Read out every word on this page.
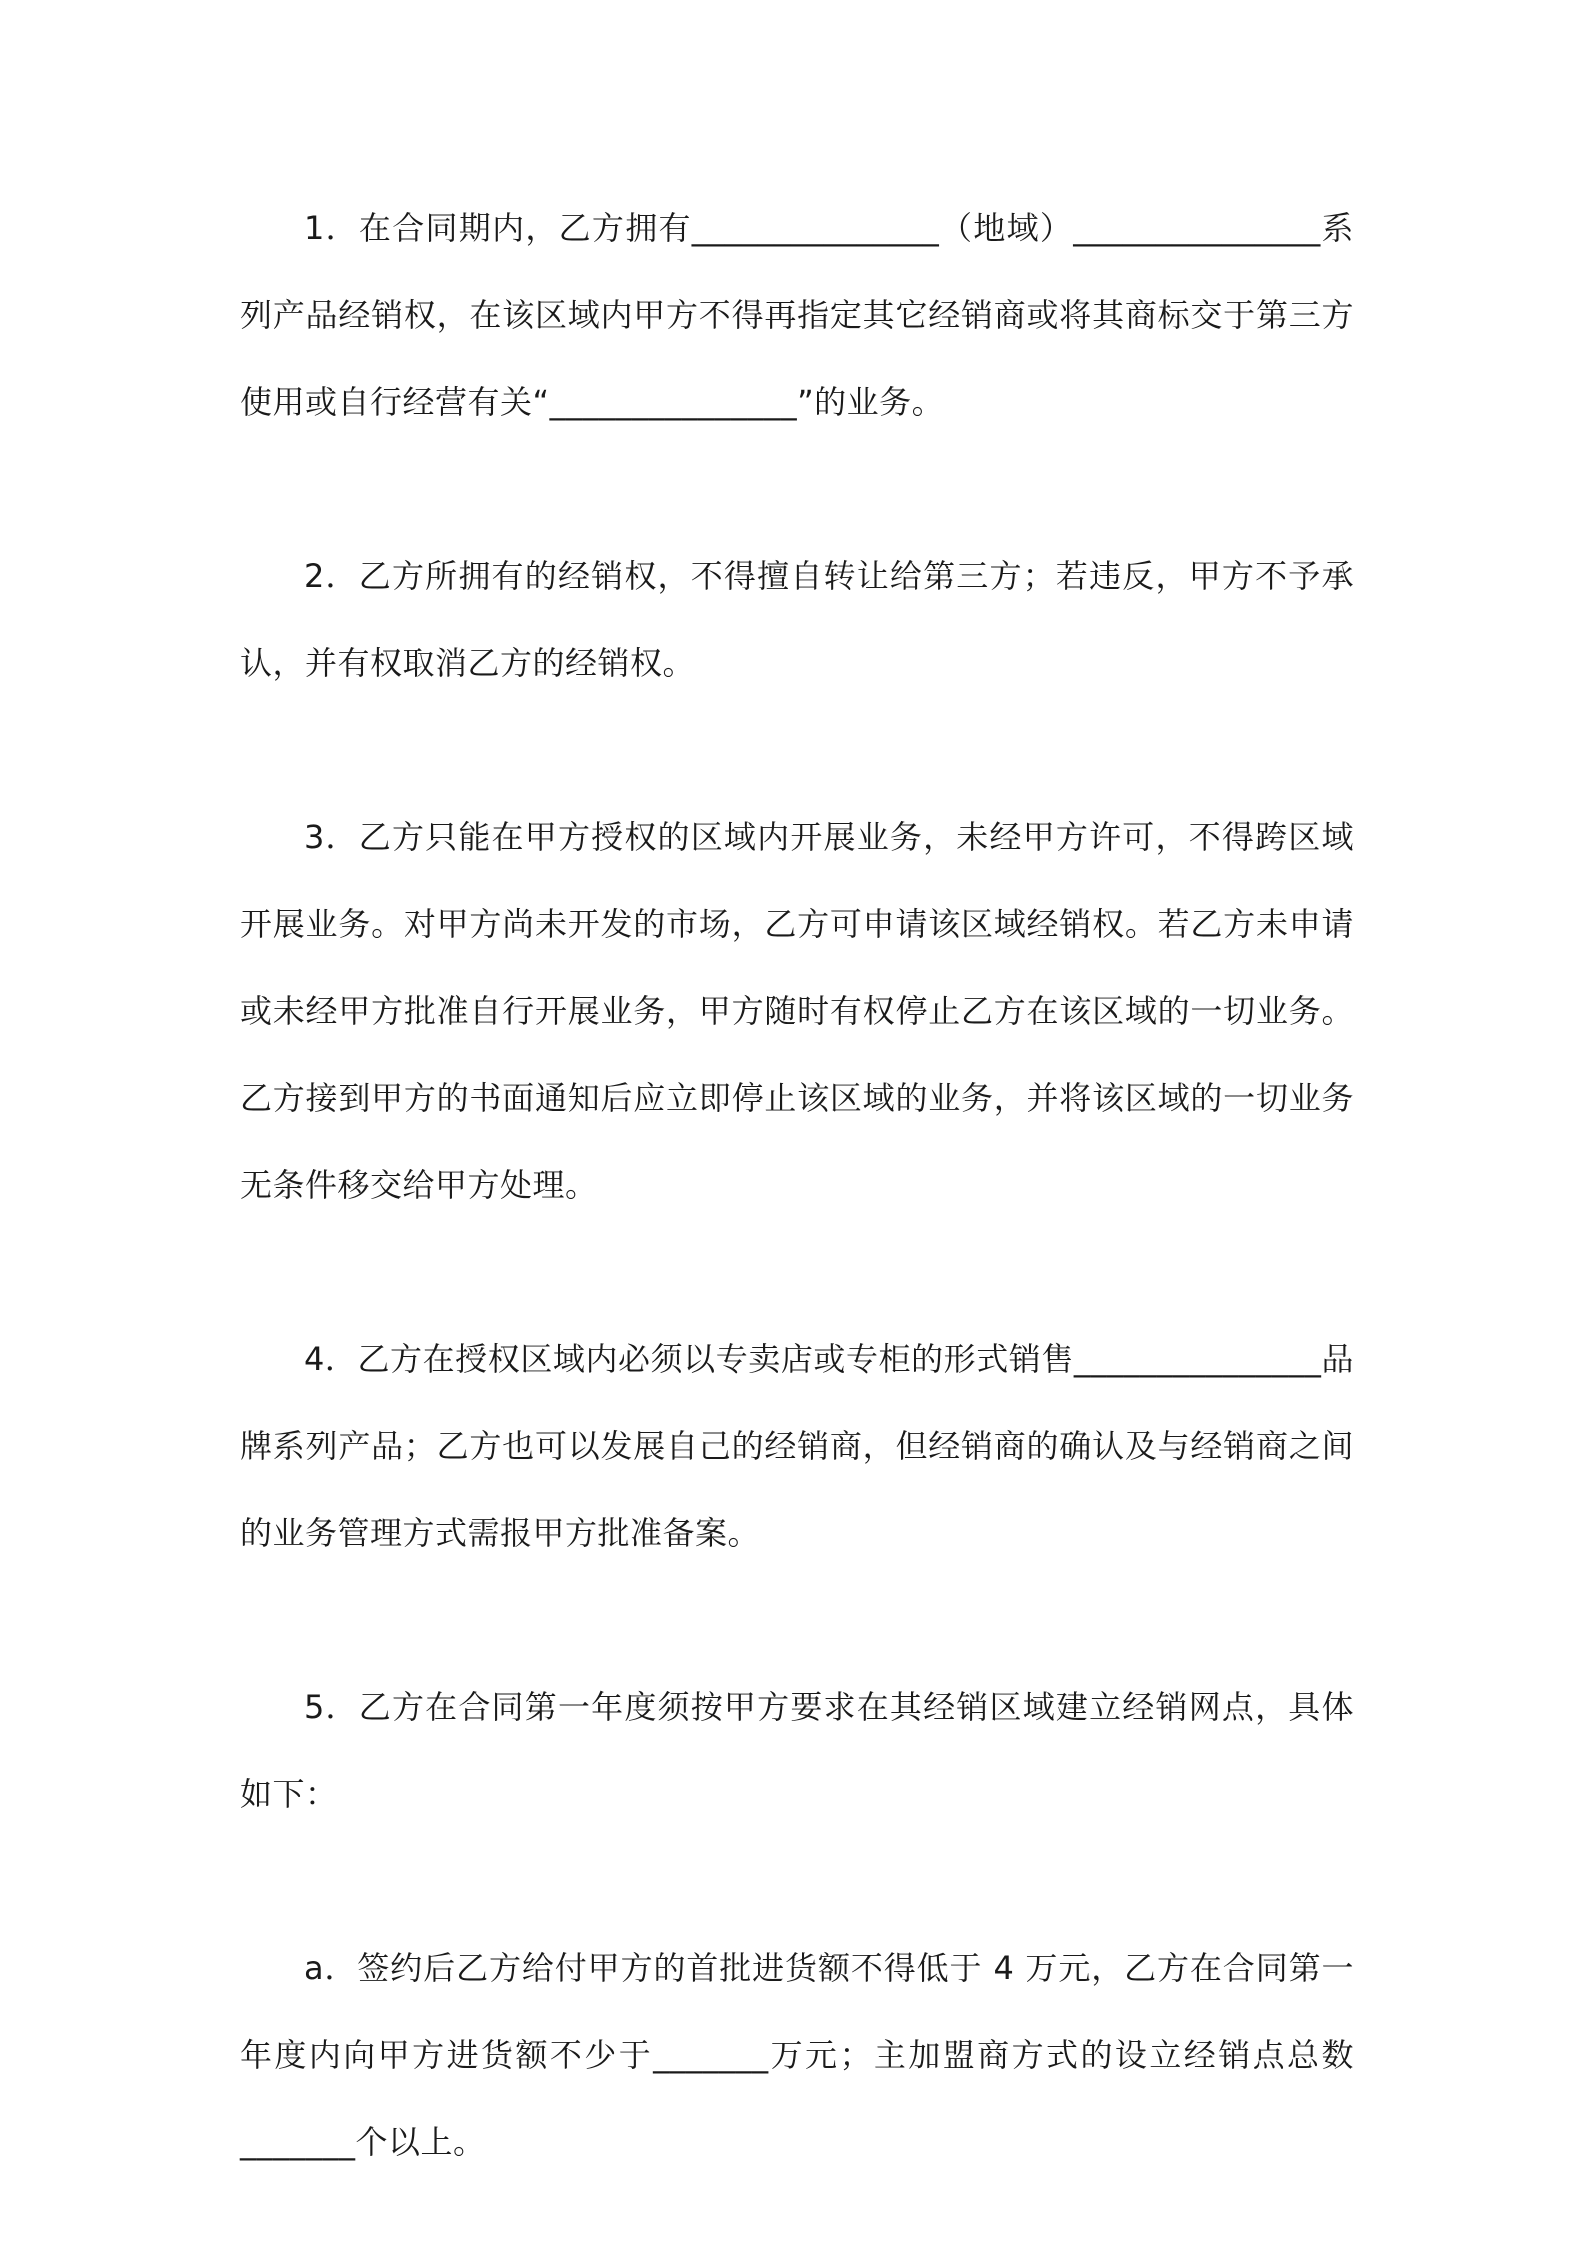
1．在合同期内，乙方拥有_______________（地域）_______________系列产品经销权，在该区域内甲方不得再指定其它经销商或将其商标交于第三方使用或自行经营有关“_______________”的业务。

2．乙方所拥有的经销权，不得擅自转让给第三方；若违反，甲方不予承认，并有权取消乙方的经销权。

3．乙方只能在甲方授权的区域内开展业务，未经甲方许可，不得跨区域开展业务。对甲方尚未开发的市场，乙方可申请该区域经销权。若乙方未申请或未经甲方批准自行开展业务，甲方随时有权停止乙方在该区域的一切业务。乙方接到甲方的书面通知后应立即停止该区域的业务，并将该区域的一切业务无条件移交给甲方处理。

4．乙方在授权区域内必须以专卖店或专柜的形式销售_______________品牌系列产品；乙方也可以发展自己的经销商，但经销商的确认及与经销商之间的业务管理方式需报甲方批准备案。

5．乙方在合同第一年度须按甲方要求在其经销区域建立经销网点，具体如下：

a．签约后乙方给付甲方的首批进货额不得低于 4 万元，乙方在合同第一年度内向甲方进货额不少于_______万元；主加盟商方式的设立经销点总数_______个以上。
